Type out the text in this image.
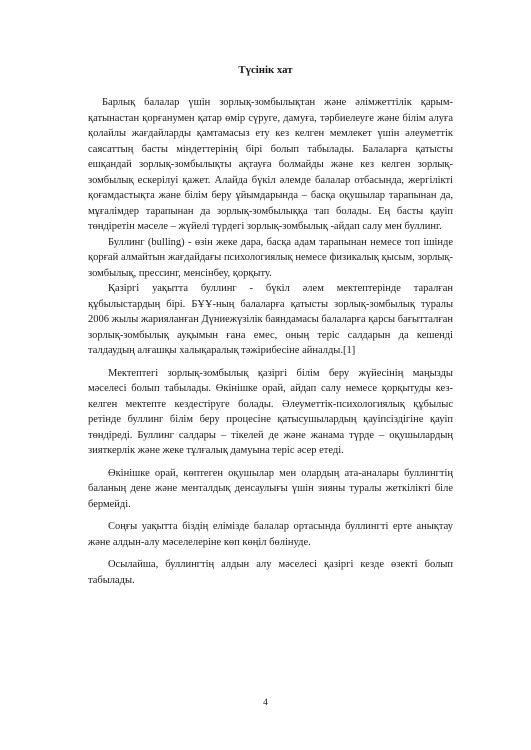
Түсінік хат

Барлық балалар үшін зорлық-зомбылықтан және әлімжеттілік қарым-қатынастан қорғанумен қатар өмір сүруге, дамуға, тәрбиелеуге және білім алуға қолайлы жағдайларды қамтамасыз ету кез келген мемлекет үшін әлеуметтік саясаттың басты міндеттерінің бірі болып табылады. Балаларға қатысты ешқандай зорлық-зомбылықты ақтауға болмайды және кез келген зорлық-зомбылық ескерілуі қажет. Алайда бүкіл әлемде балалар отбасында, жергілікті қоғамдастықта және білім беру ұйымдарында – басқа оқушылар тарапынан да, мұғалімдер тарапынан да зорлық-зомбылыққа тап болады. Ең басты қауіп төндіретін мәселе – жүйелі түрдегі зорлық-зомбылық -айдап салу мен буллинг.

Буллинг (bulling) - өзін жеке дара, басқа адам тарапынан немесе топ ішінде қорғай алмайтын жағдайдағы психологиялық немесе физикалық қысым, зорлық-зомбылық, прессинг, менсінбеу, қорқыту.

Қазіргі уақытта буллинг - бүкіл әлем мектептерінде таралған құбылыстардың бірі. БҰҰ-ның балаларға қатысты зорлық-зомбылық туралы 2006 жылы жарияланған Дүниежүзілік баяндамасы балаларға қарсы бағытталған зорлық-зомбылық ауқымын ғана емес, оның теріс салдарын да кешенді талдаудың алғашқы халықаралық тәжірибесіне айналды.[1]

Мектептегі зорлық-зомбылық қазіргі білім беру жүйесінің маңызды мәселесі болып табылады. Өкінішке орай, айдап салу немесе қорқытуды кез-келген мектепте кездестіруге болады. Әлеуметтік-психологиялық құбылыс ретінде буллинг білім беру процесіне қатысушылардың қауіпсіздігіне қауіп төндіреді. Буллинг салдары – тікелей де және жанама түрде – оқушылардың зияткерлік және жеке тұлғалық дамуына теріс әсер етеді.

Өкінішке орай, көптеген оқушылар мен олардың ата-аналары буллингтің баланың дене және менталдық денсаулығы үшін зияны туралы жеткілікті біле бермейді.

Соңғы уақытта біздің елімізде балалар ортасында буллингті ерте анықтау және алдын-алу мәселелеріне көп көңіл бөлінуде.

Осылайша, буллингтің алдын алу мәселесі қазіргі кезде өзекті болып табылады.

4
